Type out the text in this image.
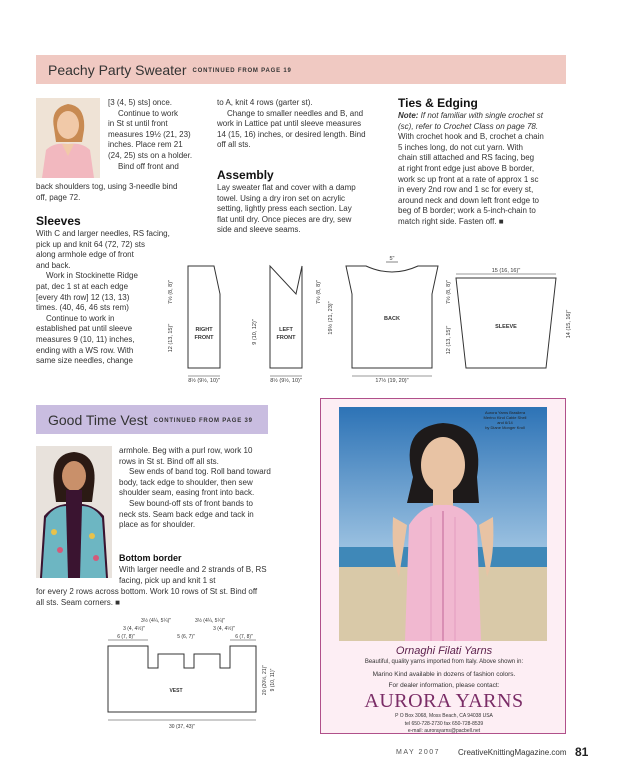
Peachy Party Sweater CONTINUED FROM PAGE 19

[3 (4, 5) sts] once.

Continue to work

in St st until front

measures 19½ (21, 23)

inches. Place rem 21

(24, 25) sts on a holder.

Bind off front and

back shoulders tog, using 3-needle bind

off, page 72.

Sleeves

With C and larger needles, RS facing,

pick up and knit 64 (72, 72) sts

along armhole edge of front

and back.

Work in Stockinette Ridge

pat, dec 1 st at each edge

[every 4th row] 12 (13, 13)

times. (40, 46, 46 sts rem)

Continue to work in

established pat until sleeve

measures 9 (10, 11) inches,

ending with a WS row. With

same size needles, change

to A, knit 4 rows (garter st).

Change to smaller needles and B, and

work in Lattice pat until sleeve measures

14 (15, 16) inches, or desired length. Bind

off all sts.

Assembly

Lay sweater flat and cover with a damp

towel. Using a dry iron set on acrylic

setting, lightly press each section. Lay

flat until dry. Once pieces are dry, sew

side and sleeve seams.

Ties & Edging

Note: If not familiar with single crochet st

(sc), refer to Crochet Class on page 78.

With crochet hook and B, crochet a chain

5 inches long, do not cut yarn. With

chain still attached and RS facing, beg

at right front edge just above B border,

work sc up front at a rate of approx 1 sc

in every 2nd row and 1 sc for every st,

around neck and down left front edge to

beg of B border; work a 5-inch-chain to

match right side. Fasten off. ■

7½ (8, 8)"
12 (13, 15)"	RIGHT
FRONT
8½ (9½, 10)"
9 (10, 12)"	LEFT
FRONT
8½ (9½, 10)"
7½ (8, 8)"
19½ (21, 23)"
5"
BACK
17½ (19, 20)"
7½ (8, 8)"
12 (13, 15)"
15 (16, 16)"
SLEEVE	14 (15, 16)"
Good Time Vest CONTINUED FROM PAGE 39

armhole. Beg with a purl row, work 10

rows in St st. Bind off all sts.

Sew ends of band tog. Roll band toward

body, tack edge to shoulder, then sew

shoulder seam, easing front into back.

Sew bound-off sts of front bands to

neck sts. Seam back edge and tack in

place as for shoulder.

Bottom border

With larger needle and 2 strands of B, RS

facing, pick up and knit 1 st

for every 2 rows across bottom. Work 10 rows of St st. Bind off

all sts. Seam corners. ■

3½ (4¼, 5¼)"	3½ (4¼, 5¼)"
3 (4, 4½)"	3 (4, 4½)"
6 (7, 8)"	5 (6, 7)"	6 (7, 8)"
VEST	20 (20½, 21)" 9 (10, 11)"
30 (37, 43)"
Aurora Yarns Brasilera
Merino Kind Cable Shell
and 6/14
by Diane Monger Kroll
Ornaghi Filati Yarns
Beautiful, quality yarns imported from Italy. Above shown in:
Marino Kind available in dozens of fashion colors.
For dealer information, please contact:
AURORA YARNS
P O Box 3068, Moss Beach, CA 94038 USA
tel 650-728-2730 fax 650-728-8539
e-mail: aurorayarns@pacbell.net
MAY 2007 CreativeKnittingMagazine.com 81
